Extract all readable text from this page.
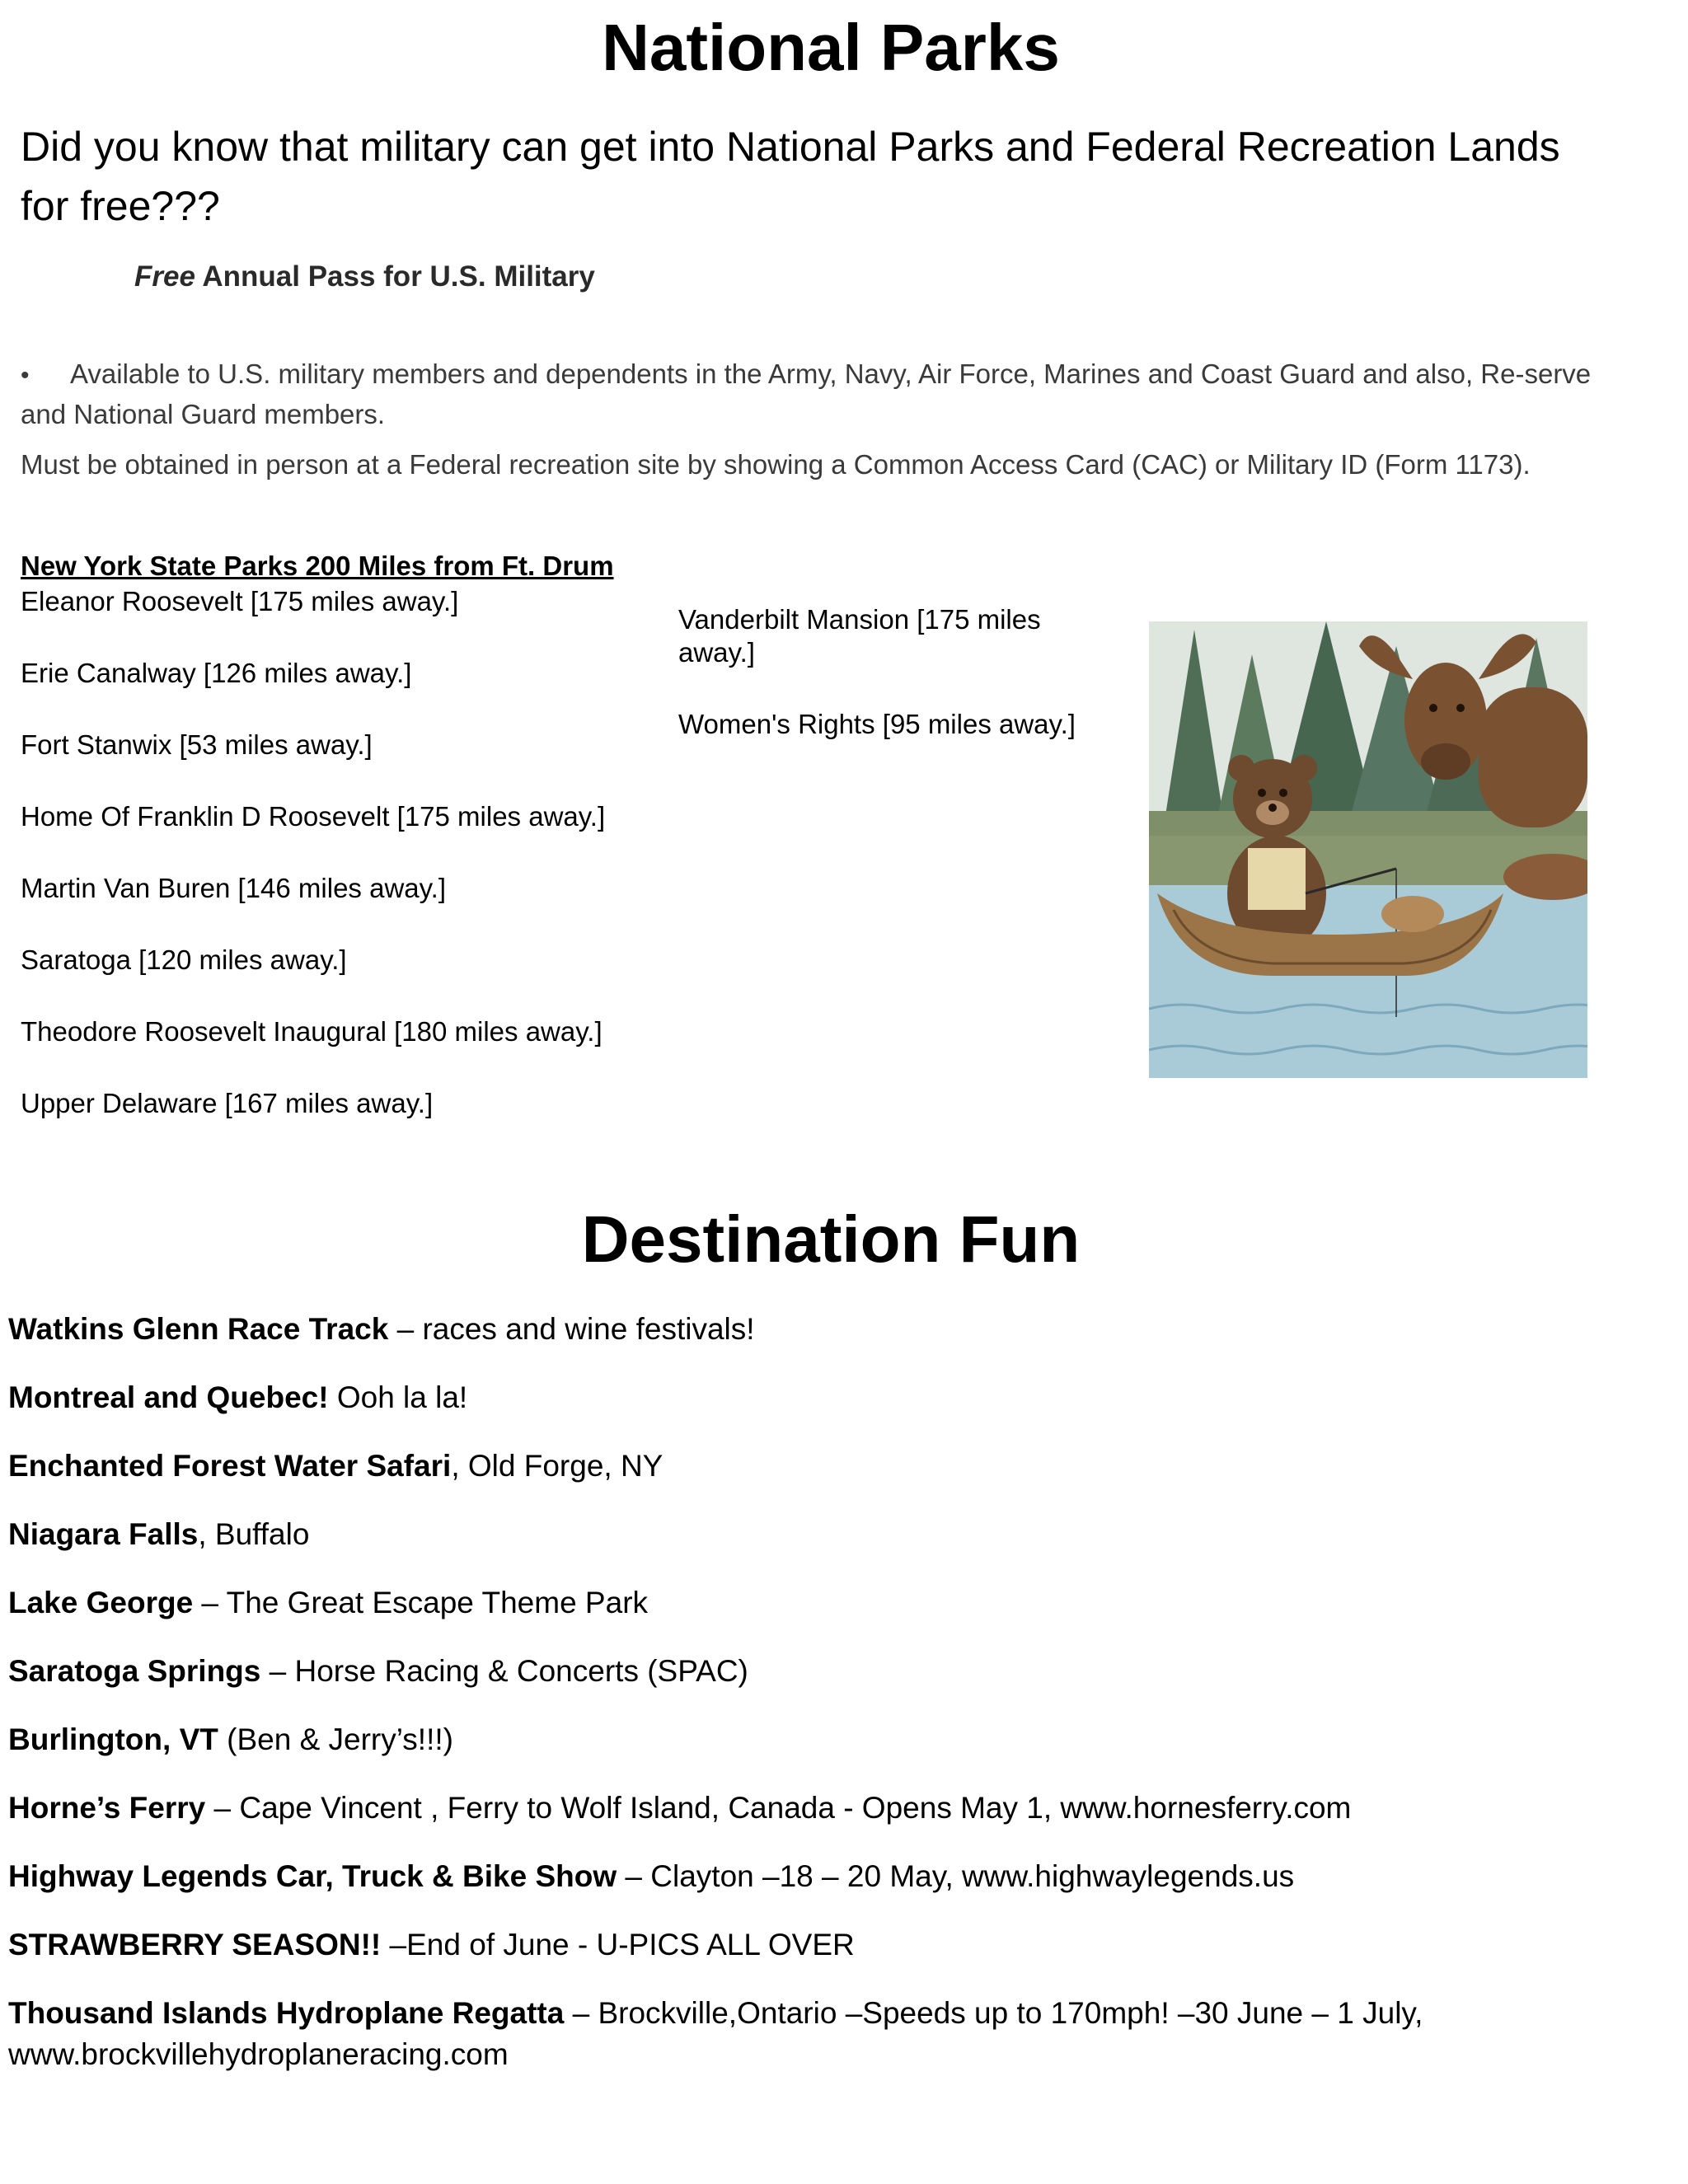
National Parks

Did you know that military can get into National Parks and Federal Recreation Lands for free???

Free Annual Pass for U.S. Military

• Available to U.S. military members and dependents in the Army, Navy, Air Force, Marines and Coast Guard and also, Re-serve and National Guard members.

Must be obtained in person at a Federal recreation site by showing a Common Access Card (CAC) or Military ID (Form 1173).

New York State Parks 200 Miles from Ft. Drum

Eleanor Roosevelt [175 miles away.]
Erie Canalway [126 miles away.]
Fort Stanwix [53 miles away.]
Home Of Franklin D Roosevelt [175 miles away.]
Martin Van Buren [146 miles away.]
Saratoga [120 miles away.]
Theodore Roosevelt Inaugural [180 miles away.]
Upper Delaware [167 miles away.]
Vanderbilt Mansion [175 miles away.]
Women's Rights [95 miles away.]
Destination Fun
Watkins Glenn Race Track – races and wine festivals!
Montreal and Quebec! Ooh la la!
Enchanted Forest Water Safari, Old Forge, NY
Niagara Falls, Buffalo
Lake George – The Great Escape Theme Park
Saratoga Springs – Horse Racing & Concerts (SPAC)
Burlington, VT (Ben & Jerry’s!!!)
Horne’s Ferry – Cape Vincent , Ferry to Wolf Island, Canada - Opens May 1, www.hornesferry.com
Highway Legends Car, Truck & Bike Show – Clayton –18 – 20 May, www.highwaylegends.us
STRAWBERRY SEASON!! –End of June - U-PICS ALL OVER
Thousand Islands Hydroplane Regatta – Brockville,Ontario –Speeds up to 170mph! –30 June – 1 July, www.brockvillehydroplaneracing.com
